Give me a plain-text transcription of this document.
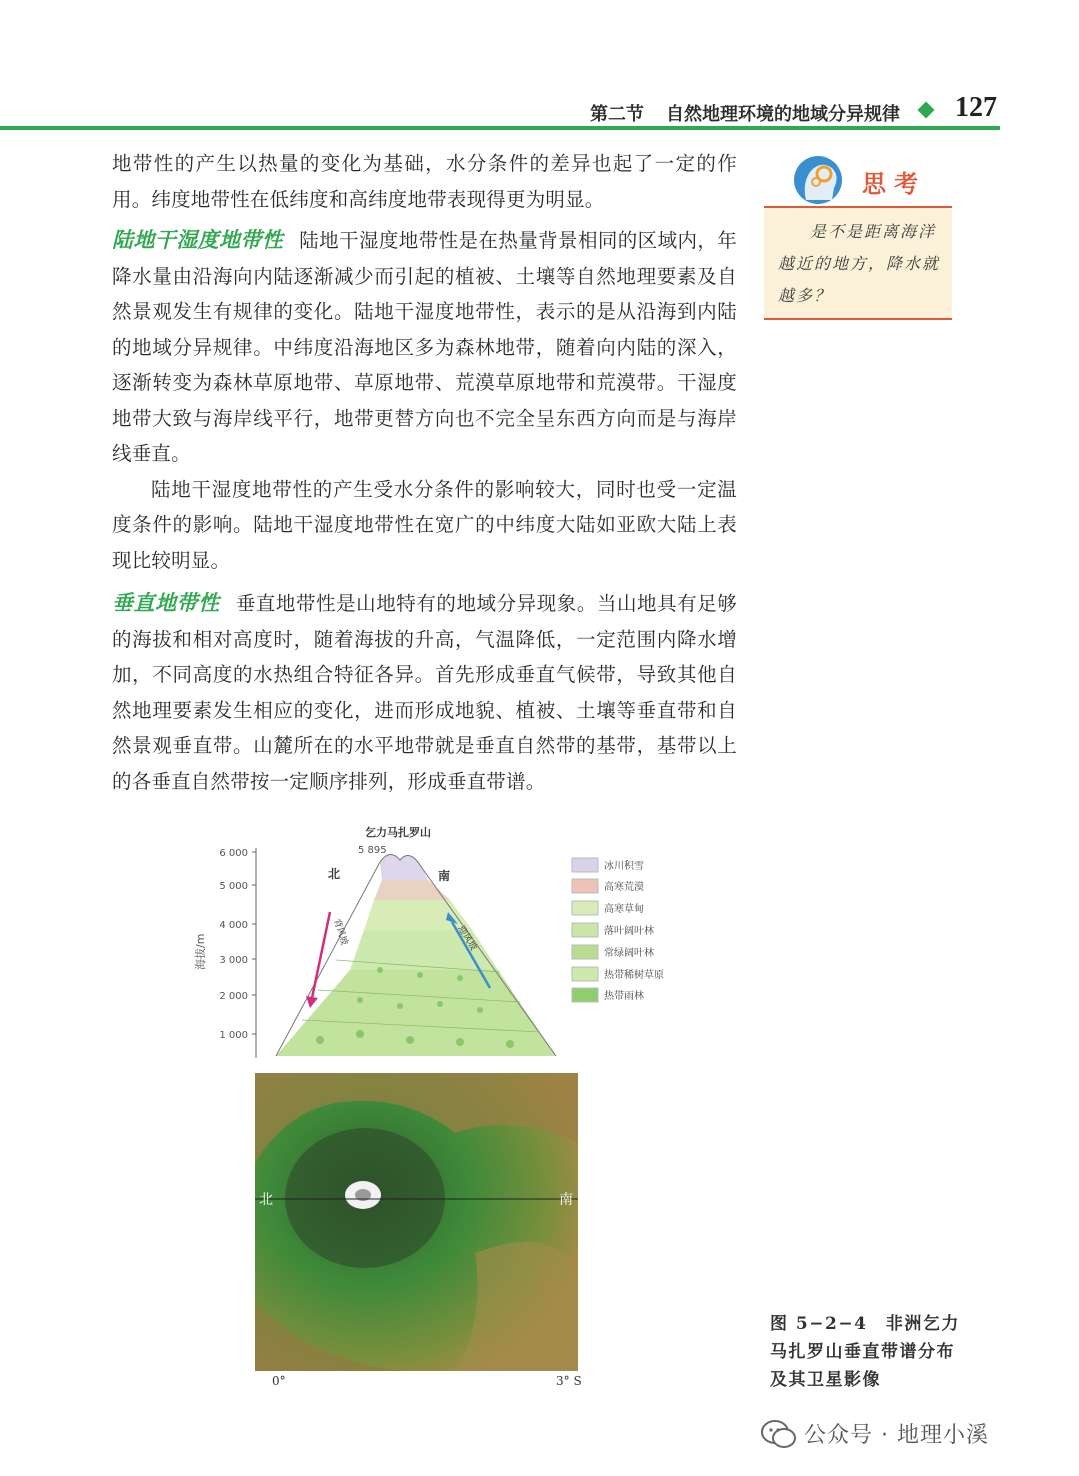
第二节 自然地理环境的地域分异规律 127

地带性的产生以热量的变化为基础，水分条件的差异也起了一定的作用。纬度地带性在低纬度和高纬度地带表现得更为明显。

陆地干湿度地带性 陆地干湿度地带性是在热量背景相同的区域内，年降水量由沿海向内陆逐渐减少而引起的植被、土壤等自然地理要素及自然景观发生有规律的变化。陆地干湿度地带性，表示的是从沿海到内陆的地域分异规律。中纬度沿海地区多为森林地带，随着向内陆的深入，逐渐转变为森林草原地带、草原地带、荒漠草原地带和荒漠带。干湿度地带大致与海岸线平行，地带更替方向也不完全呈东西方向而是与海岸线垂直。

陆地干湿度地带性的产生受水分条件的影响较大，同时也受一定温度条件的影响。陆地干湿度地带性在宽广的中纬度大陆如亚欧大陆上表现比较明显。

垂直地带性 垂直地带性是山地特有的地域分异现象。当山地具有足够的海拔和相对高度时，随着海拔的升高，气温降低，一定范围内降水增加，不同高度的水热组合特征各异。首先形成垂直气候带，导致其他自然地理要素发生相应的变化，进而形成地貌、植被、土壤等垂直带和自然景观垂直带。山麓所在的水平地带就是垂直自然带的基带，基带以上的各垂直自然带按一定顺序排列，形成垂直带谱。

思考
是不是距离海洋越近的地方，降水就越多？
6 000
5 000
4 000
3 000
2 000
1 000
海拔/m
乞力马扎罗山
5 895
北	南
背风坡	迎风坡
冰川积雪
高寒荒漠
高寒草甸
落叶阔叶林
常绿阔叶林
热带稀树草原
热带雨林
北	南
0°	3° S
图 5−2−4　非洲乞力马扎罗山垂直带谱分布及其卫星影像
公众号 · 地理小溪
